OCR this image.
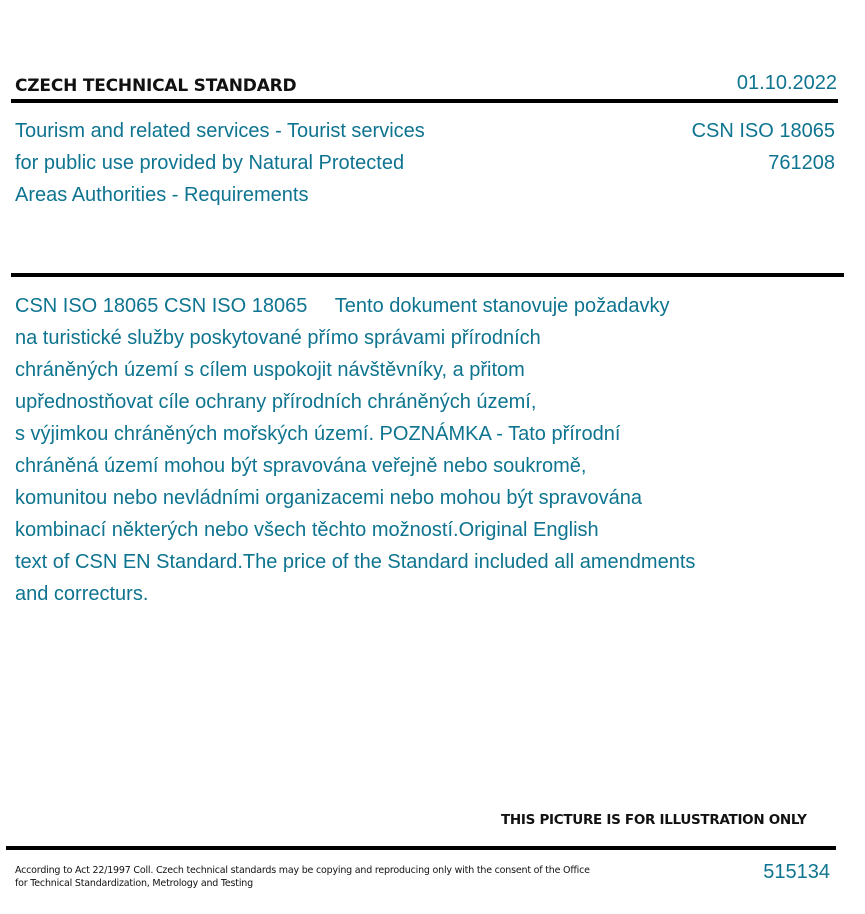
CZECH TECHNICAL STANDARD	01.10.2022
Tourism and related services - Tourist services
for public use provided by Natural Protected
Areas Authorities - Requirements
CSN ISO 18065
761208
CSN ISO 18065 CSN ISO 18065     Tento dokument stanovuje požadavky
na turistické služby poskytované přímo správami přírodních
chráněných území s cílem uspokojit návštěvníky, a přitom
upřednostňovat cíle ochrany přírodních chráněných území,
s výjimkou chráněných mořských území. POZNÁMKA - Tato přírodní
chráněná území mohou být spravována veřejně nebo soukromě,
komunitou nebo nevládními organizacemi nebo mohou být spravována
kombinací některých nebo všech těchto možností.Original English
text of CSN EN Standard.The price of the Standard included all amendments
and correcturs.
THIS PICTURE IS FOR ILLUSTRATION ONLY
According to Act 22/1997 Coll. Czech technical standards may be copying and reproducing only with the consent of the Office
for Technical Standardization, Metrology and Testing
515134
